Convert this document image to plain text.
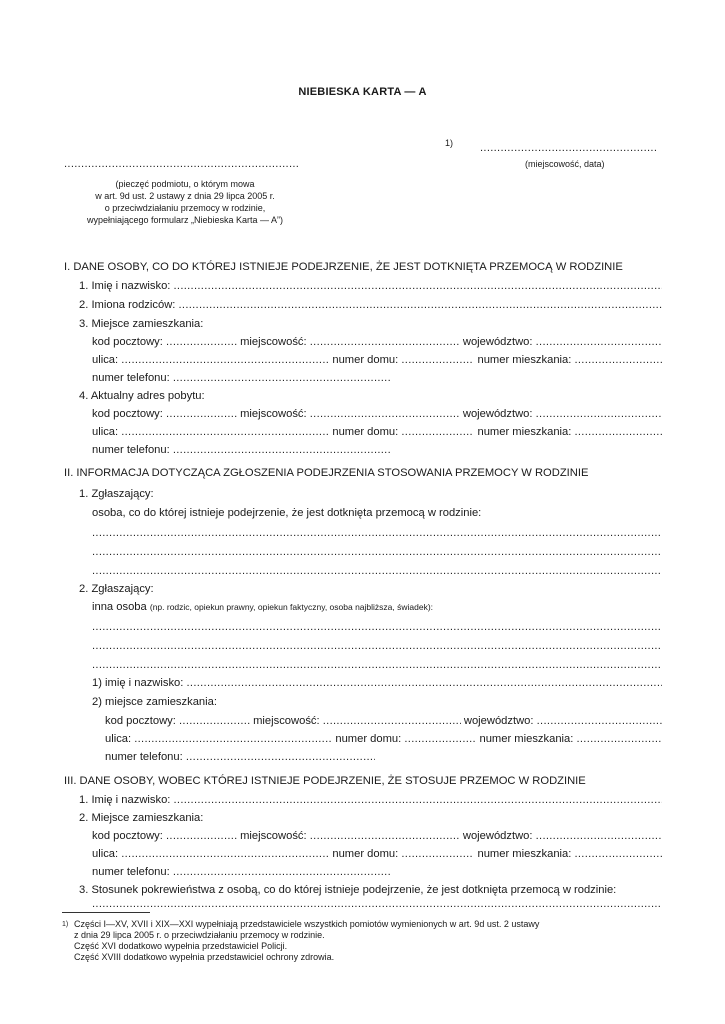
NIEBIESKA KARTA — A
1)
.....
(miejscowość, data)
.....
(pieczęć podmiotu, o którym mowa
w art. 9d ust. 2 ustawy z dnia 29 lipca 2005 r.
o przeciwdziałaniu przemocy w rodzinie,
wypełniającego formularz „Niebieska Karta — A”)
I. DANE OSOBY, CO DO KTÓREJ ISTNIEJE PODEJRZENIE, ŻE JEST DOTKNIĘTA PRZEMOCĄ W RODZINIE
1. Imię i nazwisko:

.....
2. Imiona rodziców:

.....
3. Miejsce zamieszkania:
kod pocztowy:
.....
	miejscowość:
.....
	województwo:

.....
ulica:
.....
	numer domu:
.....
	numer mieszkania:

.....
numer telefonu:

.....
4. Aktualny adres pobytu:
kod pocztowy:
.....
	miejscowość:
.....
	województwo:

.....
ulica:
.....
	numer domu:
.....
	numer mieszkania:

.....
numer telefonu:

.....
II. INFORMACJA DOTYCZĄCA ZGŁOSZENIA PODEJRZENIA STOSOWANIA PRZEMOCY W RODZINIE
1. Zgłaszający:
osoba, co do której istnieje podejrzenie, że jest dotknięta przemocą w rodzinie:
.....
.....
.....
2. Zgłaszający:
inna osoba (np. rodzic, opiekun prawny, opiekun faktyczny, osoba najbliższa, świadek):
.....
.....
.....
1) imię i nazwisko:

.....
2) miejsce zamieszkania:
kod pocztowy:
.....
	miejscowość:
.....
	województwo:

.....
ulica:
.....
	numer domu:
.....
	numer mieszkania:

.....
numer telefonu:

.....
III. DANE OSOBY, WOBEC KTÓREJ ISTNIEJE PODEJRZENIE, ŻE STOSUJE PRZEMOC W RODZINIE
1. Imię i nazwisko:

.....
2. Miejsce zamieszkania:
kod pocztowy:
.....
	miejscowość:
.....
	województwo:

.....
ulica:
.....
	numer domu:
.....
	numer mieszkania:

.....
numer telefonu:

.....
3. Stosunek pokrewieństwa z osobą, co do której istnieje podejrzenie, że jest dotknięta przemocą w rodzinie:
.....
$^{1)}$ Części I—XV, XVII i XIX—XXI wypełniają przedstawiciele wszystkich pomiotów wymienionych w art. 9d ust. 2 ustawy
z dnia 29 lipca 2005 r. o przeciwdziałaniu przemocy w rodzinie.
Część XVI dodatkowo wypełnia przedstawiciel Policji.
Część XVIII dodatkowo wypełnia przedstawiciel ochrony zdrowia.
